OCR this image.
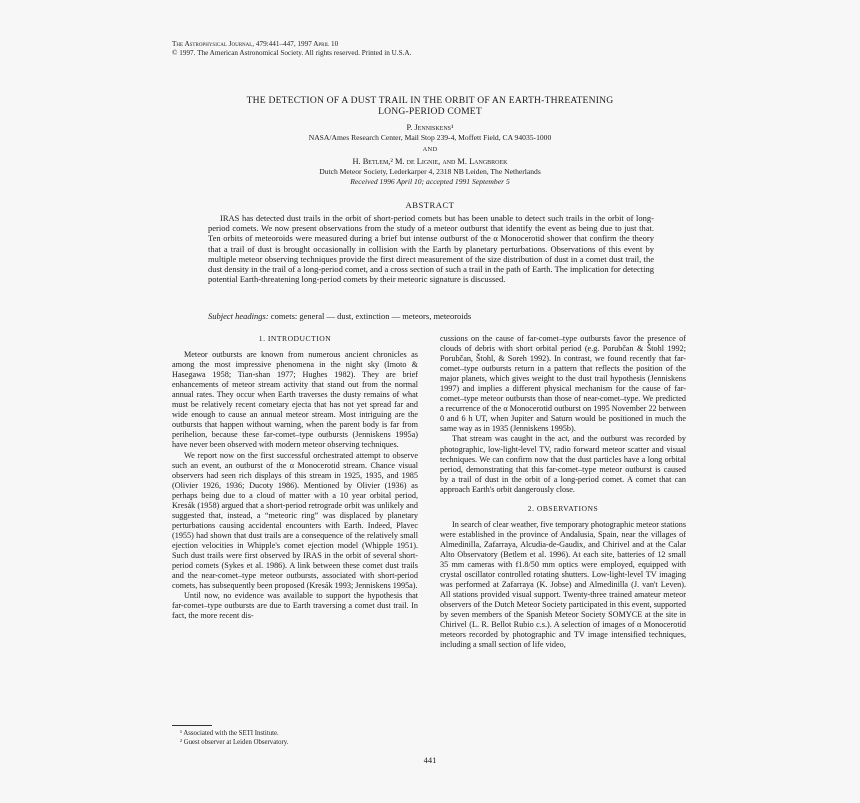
The Astrophysical Journal, 479:441–447, 1997 April 10
© 1997. The American Astronomical Society. All rights reserved. Printed in U.S.A.
THE DETECTION OF A DUST TRAIL IN THE ORBIT OF AN EARTH-THREATENING
LONG-PERIOD COMET
P. Jenniskens¹
NASA/Ames Research Center, Mail Stop 239-4, Moffett Field, CA 94035-1000
AND
H. Betlem,² M. de Lignie, and M. Langbroek
Dutch Meteor Society, Lederkarper 4, 2318 NB Leiden, The Netherlands
Received 1996 April 10; accepted 1991 September 5
ABSTRACT
IRAS has detected dust trails in the orbit of short-period comets but has been unable to detect such trails in the orbit of long-period comets. We now present observations from the study of a meteor outburst that identify the event as being due to just that. Ten orbits of meteoroids were measured during a brief but intense outburst of the α Monocerotid shower that confirm the theory that a trail of dust is brought occasionally in collision with the Earth by planetary perturbations. Observations of this event by multiple meteor observing techniques provide the first direct measurement of the size distribution of dust in a comet dust trail, the dust density in the trail of a long-period comet, and a cross section of such a trail in the path of Earth. The implication for detecting potential Earth-threatening long-period comets by their meteoric signature is discussed.
Subject headings: comets: general — dust, extinction — meteors, meteoroids
1. INTRODUCTION

Meteor outbursts are known from numerous ancient chronicles as among the most impressive phenomena in the night sky (Imoto & Hasegawa 1958; Tian-shan 1977; Hughes 1982). They are brief enhancements of meteor stream activity that stand out from the normal annual rates. They occur when Earth traverses the dusty remains of what must be relatively recent cometary ejecta that has not yet spread far and wide enough to cause an annual meteor stream. Most intriguing are the outbursts that happen without warning, when the parent body is far from perihelion, because these far-comet–type outbursts (Jenniskens 1995a) have never been observed with modern meteor observing techniques.

We report now on the first successful orchestrated attempt to observe such an event, an outburst of the α Monocerotid stream. Chance visual observers had seen rich displays of this stream in 1925, 1935, and 1985 (Olivier 1926, 1936; Ducoty 1986). Mentioned by Olivier (1936) as perhaps being due to a cloud of matter with a 10 year orbital period, Kresák (1958) argued that a short-period retrograde orbit was unlikely and suggested that, instead, a “meteoric ring” was displaced by planetary perturbations causing accidental encounters with Earth. Indeed, Plavec (1955) had shown that dust trails are a consequence of the relatively small ejection velocities in Whipple's comet ejection model (Whipple 1951). Such dust trails were first observed by IRAS in the orbit of several short-period comets (Sykes et al. 1986). A link between these comet dust trails and the near-comet–type meteor outbursts, associated with short-period comets, has subsequently been proposed (Kresák 1993; Jenniskens 1995a).

Until now, no evidence was available to support the hypothesis that far-comet–type outbursts are due to Earth traversing a comet dust trail. In fact, the more recent dis-

¹ Associated with the SETI Institute.
² Guest observer at Leiden Observatory.

cussions on the cause of far-comet–type outbursts favor the presence of clouds of debris with short orbital period (e.g. Porubčan & Štohl 1992; Porubčan, Štohl, & Soreh 1992). In contrast, we found recently that far-comet–type outbursts return in a pattern that reflects the position of the major planets, which gives weight to the dust trail hypothesis (Jenniskens 1997) and implies a different physical mechanism for the cause of far-comet–type meteor outbursts than those of near-comet–type. We predicted a recurrence of the α Monocerotid outburst on 1995 November 22 between 0 and 6 h UT, when Jupiter and Saturn would be positioned in much the same way as in 1935 (Jenniskens 1995b).

That stream was caught in the act, and the outburst was recorded by photographic, low-light-level TV, radio forward meteor scatter and visual techniques. We can confirm now that the dust particles have a long orbital period, demonstrating that this far-comet–type meteor outburst is caused by a trail of dust in the orbit of a long-period comet. A comet that can approach Earth's orbit dangerously close.

2. OBSERVATIONS

In search of clear weather, five temporary photographic meteor stations were established in the province of Andalusia, Spain, near the villages of Almedinilla, Zafarraya, Alcudia-de-Gaudix, and Chirivel and at the Calar Alto Observatory (Betlem et al. 1996). At each site, batteries of 12 small 35 mm cameras with f1.8/50 mm optics were employed, equipped with crystal oscillator controlled rotating shutters. Low-light-level TV imaging was performed at Zafarraya (K. Jobse) and Almedinilla (J. van't Leven). All stations provided visual support. Twenty-three trained amateur meteor observers of the Dutch Meteor Society participated in this event, supported by seven members of the Spanish Meteor Society SOMYCE at the site in Chirivel (L. R. Bellot Rubio c.s.). A selection of images of α Monocerotid meteors recorded by photographic and TV image intensified techniques, including a small section of life video,

441
